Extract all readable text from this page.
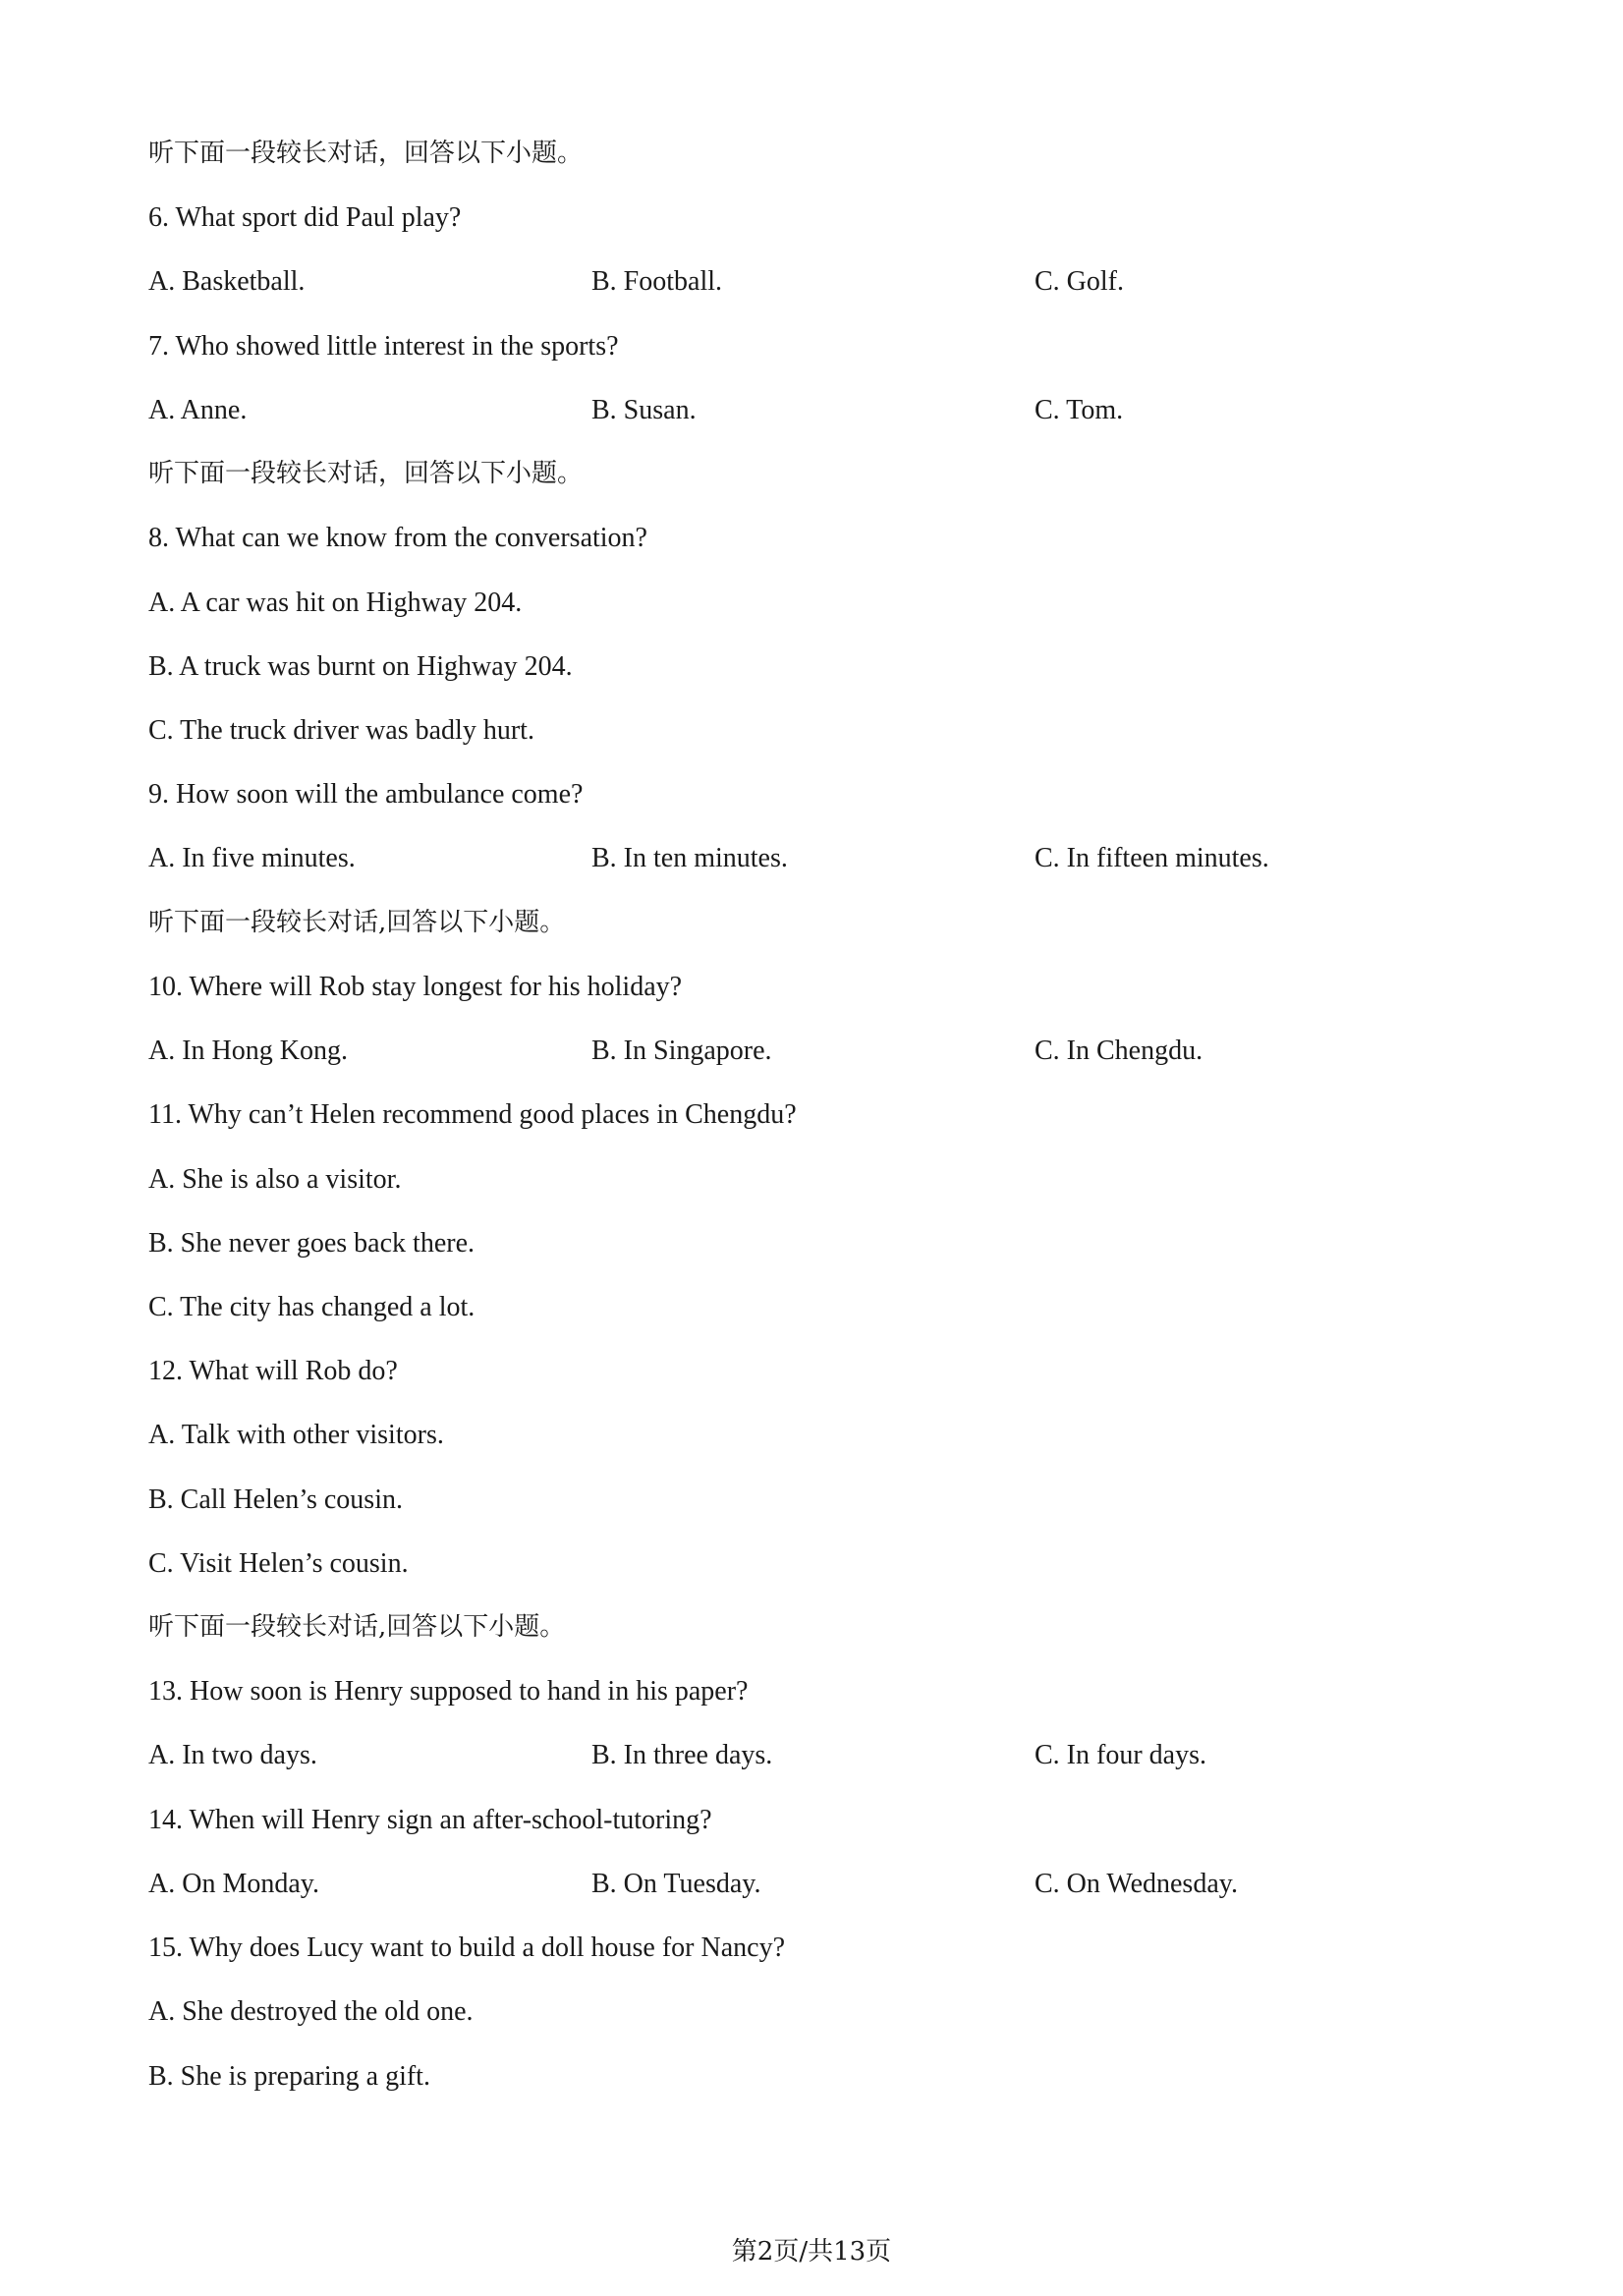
听下面一段较长对话，回答以下小题。
6. What sport did Paul play?
A. Basketball.	B. Football.	C. Golf.
7. Who showed little interest in the sports?
A. Anne.	B. Susan.	C. Tom.
听下面一段较长对话，回答以下小题。
8. What can we know from the conversation?
A. A car was hit on Highway 204.
B. A truck was burnt on Highway 204.
C. The truck driver was badly hurt.
9. How soon will the ambulance come?
A. In five minutes.	B. In ten minutes.	C. In fifteen minutes.
听下面一段较长对话,回答以下小题。
10. Where will Rob stay longest for his holiday?
A. In Hong Kong.	B. In Singapore.	C. In Chengdu.
11. Why can’t Helen recommend good places in Chengdu?
A. She is also a visitor.
B. She never goes back there.
C. The city has changed a lot.
12. What will Rob do?
A. Talk with other visitors.
B. Call Helen’s cousin.
C. Visit Helen’s cousin.
听下面一段较长对话,回答以下小题。
13. How soon is Henry supposed to hand in his paper?
A. In two days.	B. In three days.	C. In four days.
14. When will Henry sign an after-school-tutoring?
A. On Monday.	B. On Tuesday.	C. On Wednesday.
15. Why does Lucy want to build a doll house for Nancy?
A. She destroyed the old one.
B. She is preparing a gift.
第2页/共13页
